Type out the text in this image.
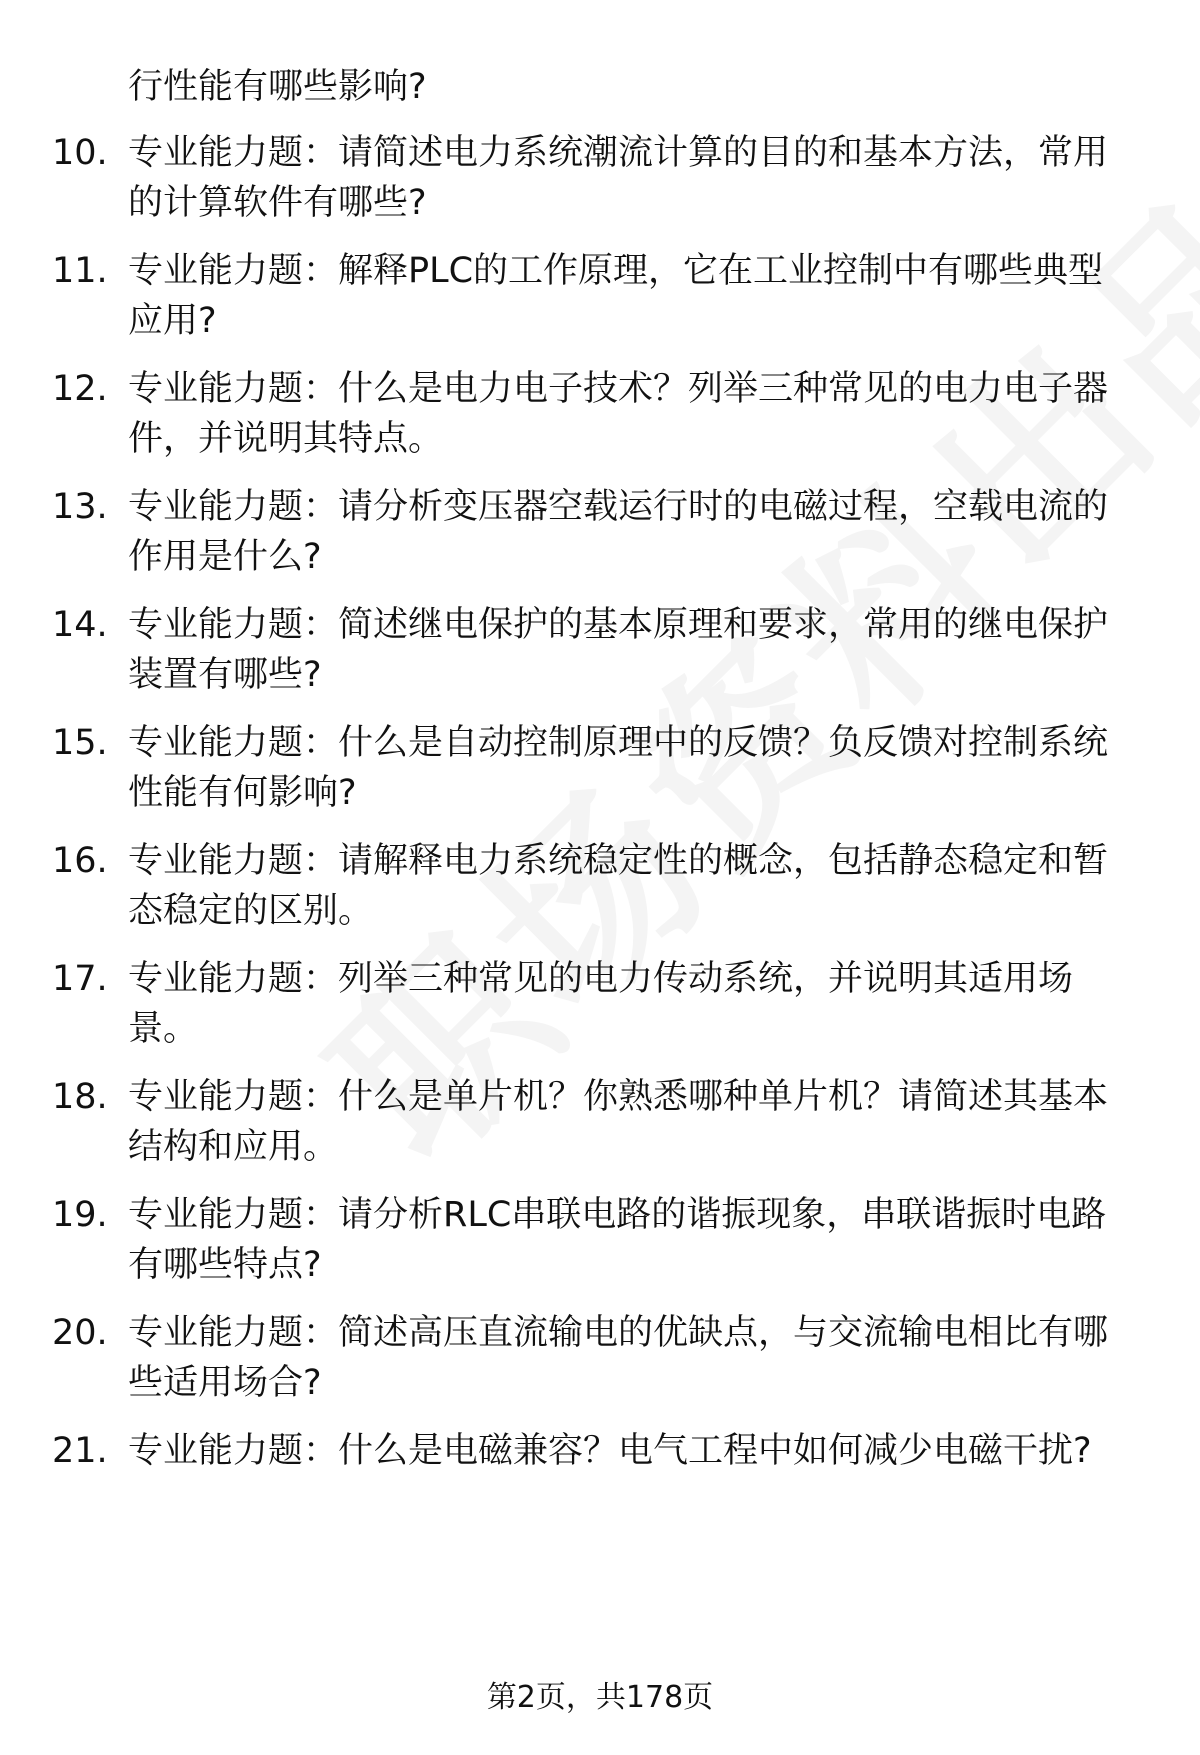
行性能有哪些影响?
10. 专业能力题：请简述电力系统潮流计算的目的和基本方法，常用的计算软件有哪些?
11. 专业能力题：解释PLC的工作原理，它在工业控制中有哪些典型应用?
12. 专业能力题：什么是电力电子技术？列举三种常见的电力电子器件，并说明其特点。
13. 专业能力题：请分析变压器空载运行时的电磁过程，空载电流的作用是什么?
14. 专业能力题：简述继电保护的基本原理和要求，常用的继电保护装置有哪些?
15. 专业能力题：什么是自动控制原理中的反馈？负反馈对控制系统性能有何影响?
16. 专业能力题：请解释电力系统稳定性的概念，包括静态稳定和暂态稳定的区别。
17. 专业能力题：列举三种常见的电力传动系统，并说明其适用场景。
18. 专业能力题：什么是单片机？你熟悉哪种单片机？请简述其基本结构和应用。
19. 专业能力题：请分析RLC串联电路的谐振现象，串联谐振时电路有哪些特点?
20. 专业能力题：简述高压直流输电的优缺点，与交流输电相比有哪些适用场合?
21. 专业能力题：什么是电磁兼容？电气工程中如何减少电磁干扰?
第2页，共178页
